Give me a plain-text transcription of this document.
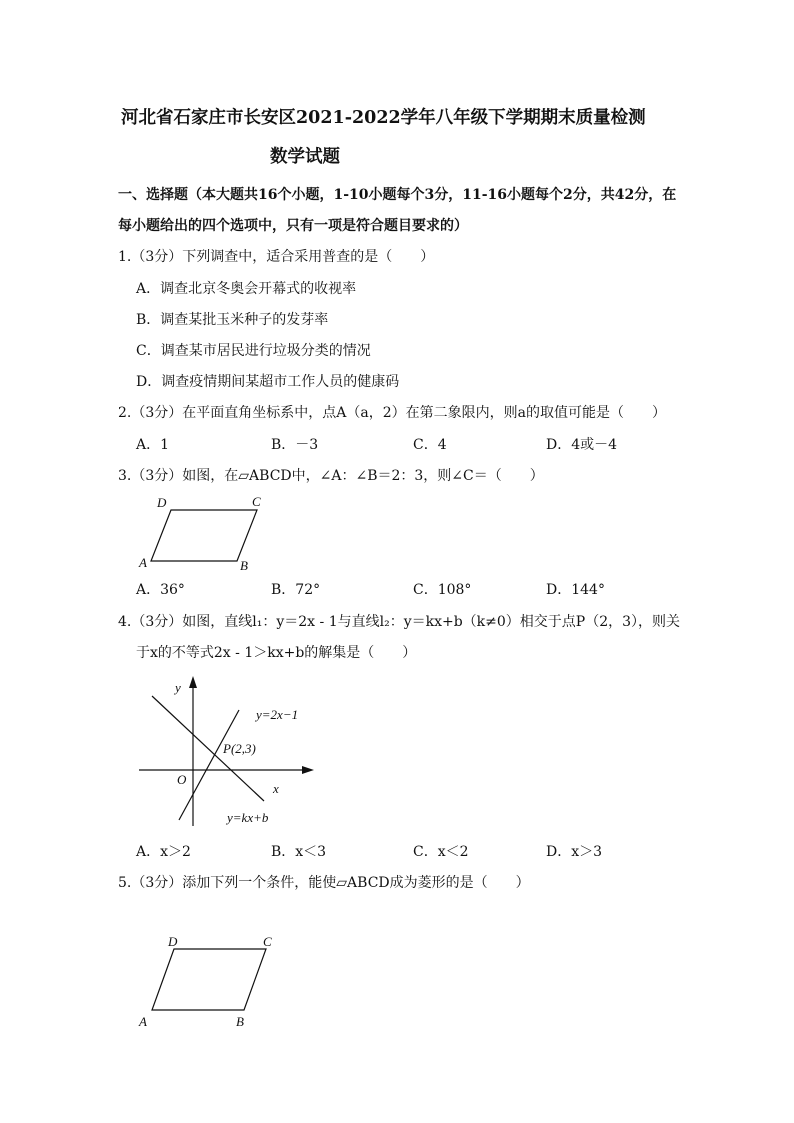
河北省石家庄市长安区2021-2022学年八年级下学期期末质量检测
数学试题
一、选择题（本大题共16个小题，1-10小题每个3分，11-16小题每个2分，共42分，在
每小题给出的四个选项中，只有一项是符合题目要求的）
1.（3分）下列调查中，适合采用普查的是（　　）
A．调查北京冬奥会开幕式的收视率
B．调查某批玉米种子的发芽率
C．调查某市居民进行垃圾分类的情况
D．调查疫情期间某超市工作人员的健康码
2.（3分）在平面直角坐标系中，点A（a，2）在第二象限内，则a的取值可能是（　　）
A．1	B．－3	C．4	D．4或－4
3.（3分）如图，在▱ABCD中，∠A：∠B＝2：3，则∠C＝（　　）
A	B
C
D
A．36°	B．72°	C．108°	D．144°
4.（3分）如图，直线l₁：y＝2x - 1与直线l₂：y＝kx+b（k≠0）相交于点P（2，3），则关
于x的不等式2x - 1＞kx+b的解集是（　　）
y
x
O
y=2x−1
y=kx+b
P(2,3)
A．x＞2	B．x＜3	C．x＜2	D．x＞3
5.（3分）添加下列一个条件，能使▱ABCD成为菱形的是（　　）
A	B
C
D
